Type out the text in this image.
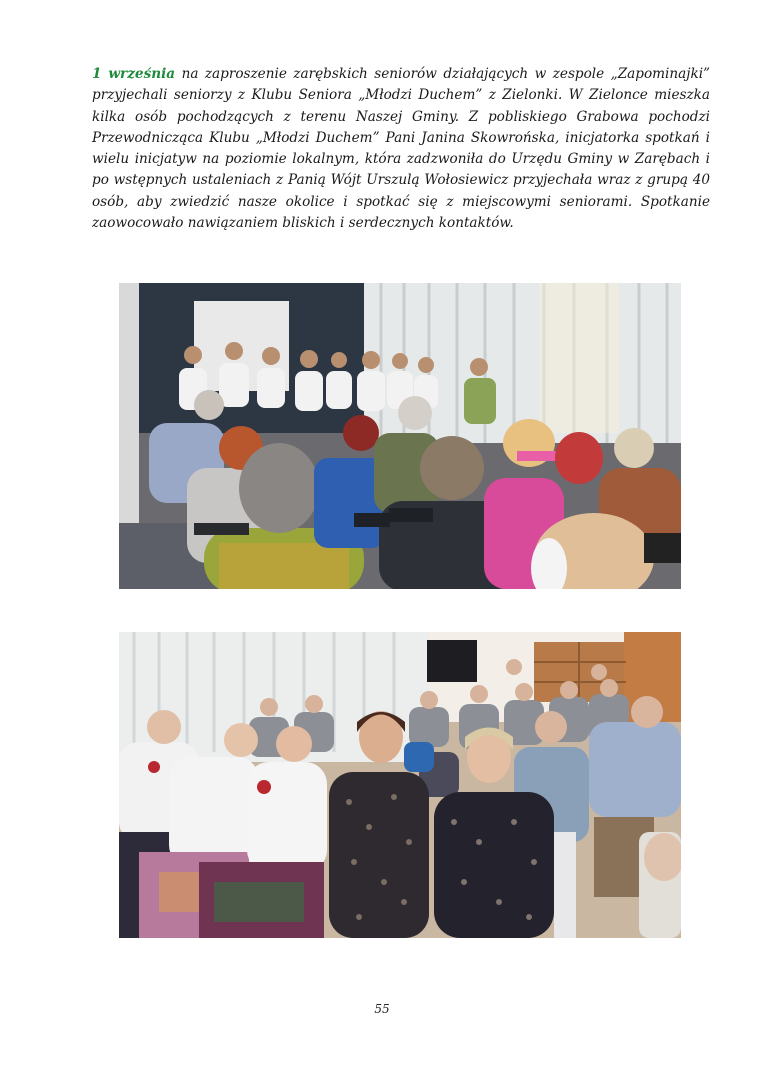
1 września na zaproszenie zarębskich seniorów działających w zespole „Zapominajki” przyjechali seniorzy z Klubu Seniora „Młodzi Duchem” z Zielonki. W Zielonce mieszka kilka osób pochodzących z terenu Naszej Gminy. Z pobliskiego Grabowa pochodzi Przewodnicząca Klubu „Młodzi Duchem” Pani Janina Skowrońska, inicjatorka spotkań i wielu inicjatyw na poziomie lokalnym, która zadzwoniła do Urzędu Gminy w Zarębach i po wstępnych ustaleniach z Panią Wójt Urszulą Wołosiewicz przyjechała wraz z grupą 40 osób, aby zwiedzić nasze okolice i spotkać się z miejscowymi seniorami. Spotkanie zaowocowało nawiązaniem bliskich i serdecznych kontaktów.

55
